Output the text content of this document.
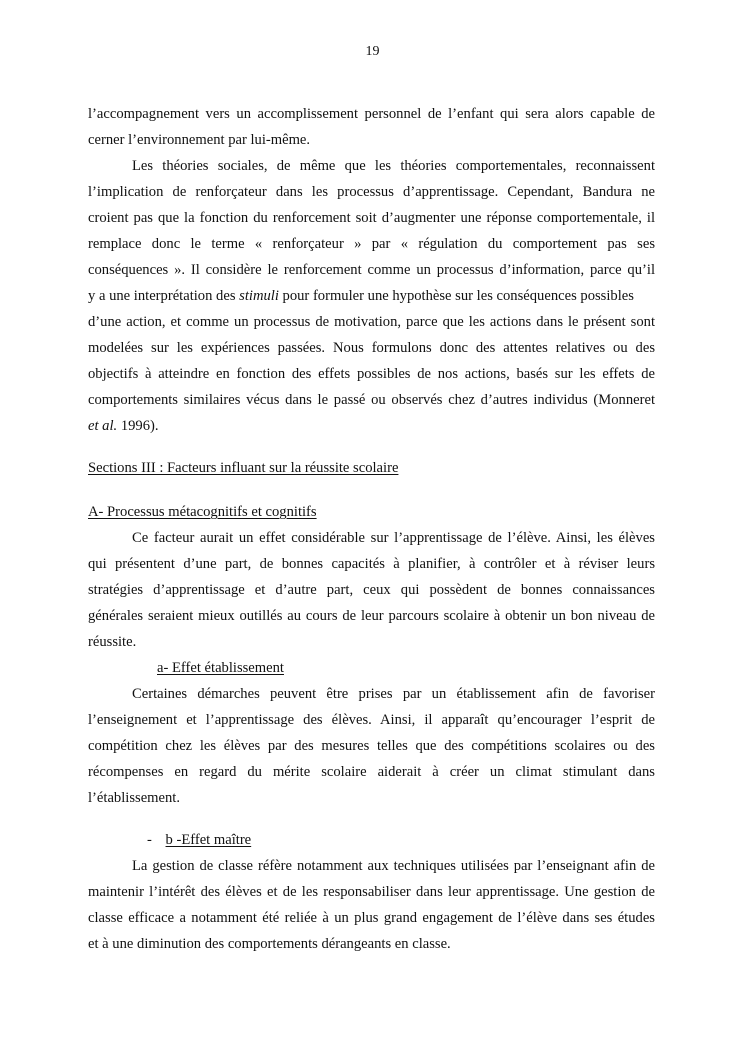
19
l’accompagnement vers un accomplissement personnel de l’enfant qui sera alors capable de
cerner l’environnement par lui-même.
Les théories sociales, de même que les théories comportementales, reconnaissent
l’implication de renforçateur dans les processus d’apprentissage. Cependant, Bandura ne
croient pas que la fonction du renforcement soit d’augmenter une réponse comportementale, il
remplace donc le terme « renforçateur » par « régulation du comportement pas ses
conséquences ». Il considère le renforcement comme un processus d’information, parce qu’il
y a une interprétation des stimuli pour formuler une hypothèse sur les conséquences possibles
d’une action, et comme un processus de motivation, parce que les actions dans le présent sont
modelées sur les expériences passées. Nous formulons donc des attentes relatives ou des
objectifs à atteindre en fonction des effets possibles de nos actions, basés sur les effets de
comportements similaires vécus dans le passé ou observés chez d’autres individus (Monneret
et al. 1996).
Sections III : Facteurs influant sur la réussite scolaire
A- Processus métacognitifs et cognitifs
Ce facteur aurait un effet considérable sur l’apprentissage de l’élève. Ainsi, les élèves
qui présentent d’une part, de bonnes capacités à planifier, à contrôler et à réviser leurs
stratégies d’apprentissage et d’autre part, ceux qui possèdent de bonnes connaissances
générales seraient mieux outillés au cours de leur parcours scolaire à obtenir un bon niveau de
réussite.
a- Effet établissement
Certaines démarches peuvent être prises par un établissement afin de favoriser
l’enseignement et l’apprentissage des élèves. Ainsi, il apparaît qu’encourager l’esprit de
compétition chez les élèves par des mesures telles que des compétitions scolaires ou des
récompenses en regard du mérite scolaire aiderait à créer un climat stimulant dans
l’établissement.
- b -Effet maître
La gestion de classe réfère notamment aux techniques utilisées par l’enseignant afin de
maintenir l’intérêt des élèves et de les responsabiliser dans leur apprentissage. Une gestion de
classe efficace a notamment été reliée à un plus grand engagement de l’élève dans ses études
et à une diminution des comportements dérangeants en classe.
